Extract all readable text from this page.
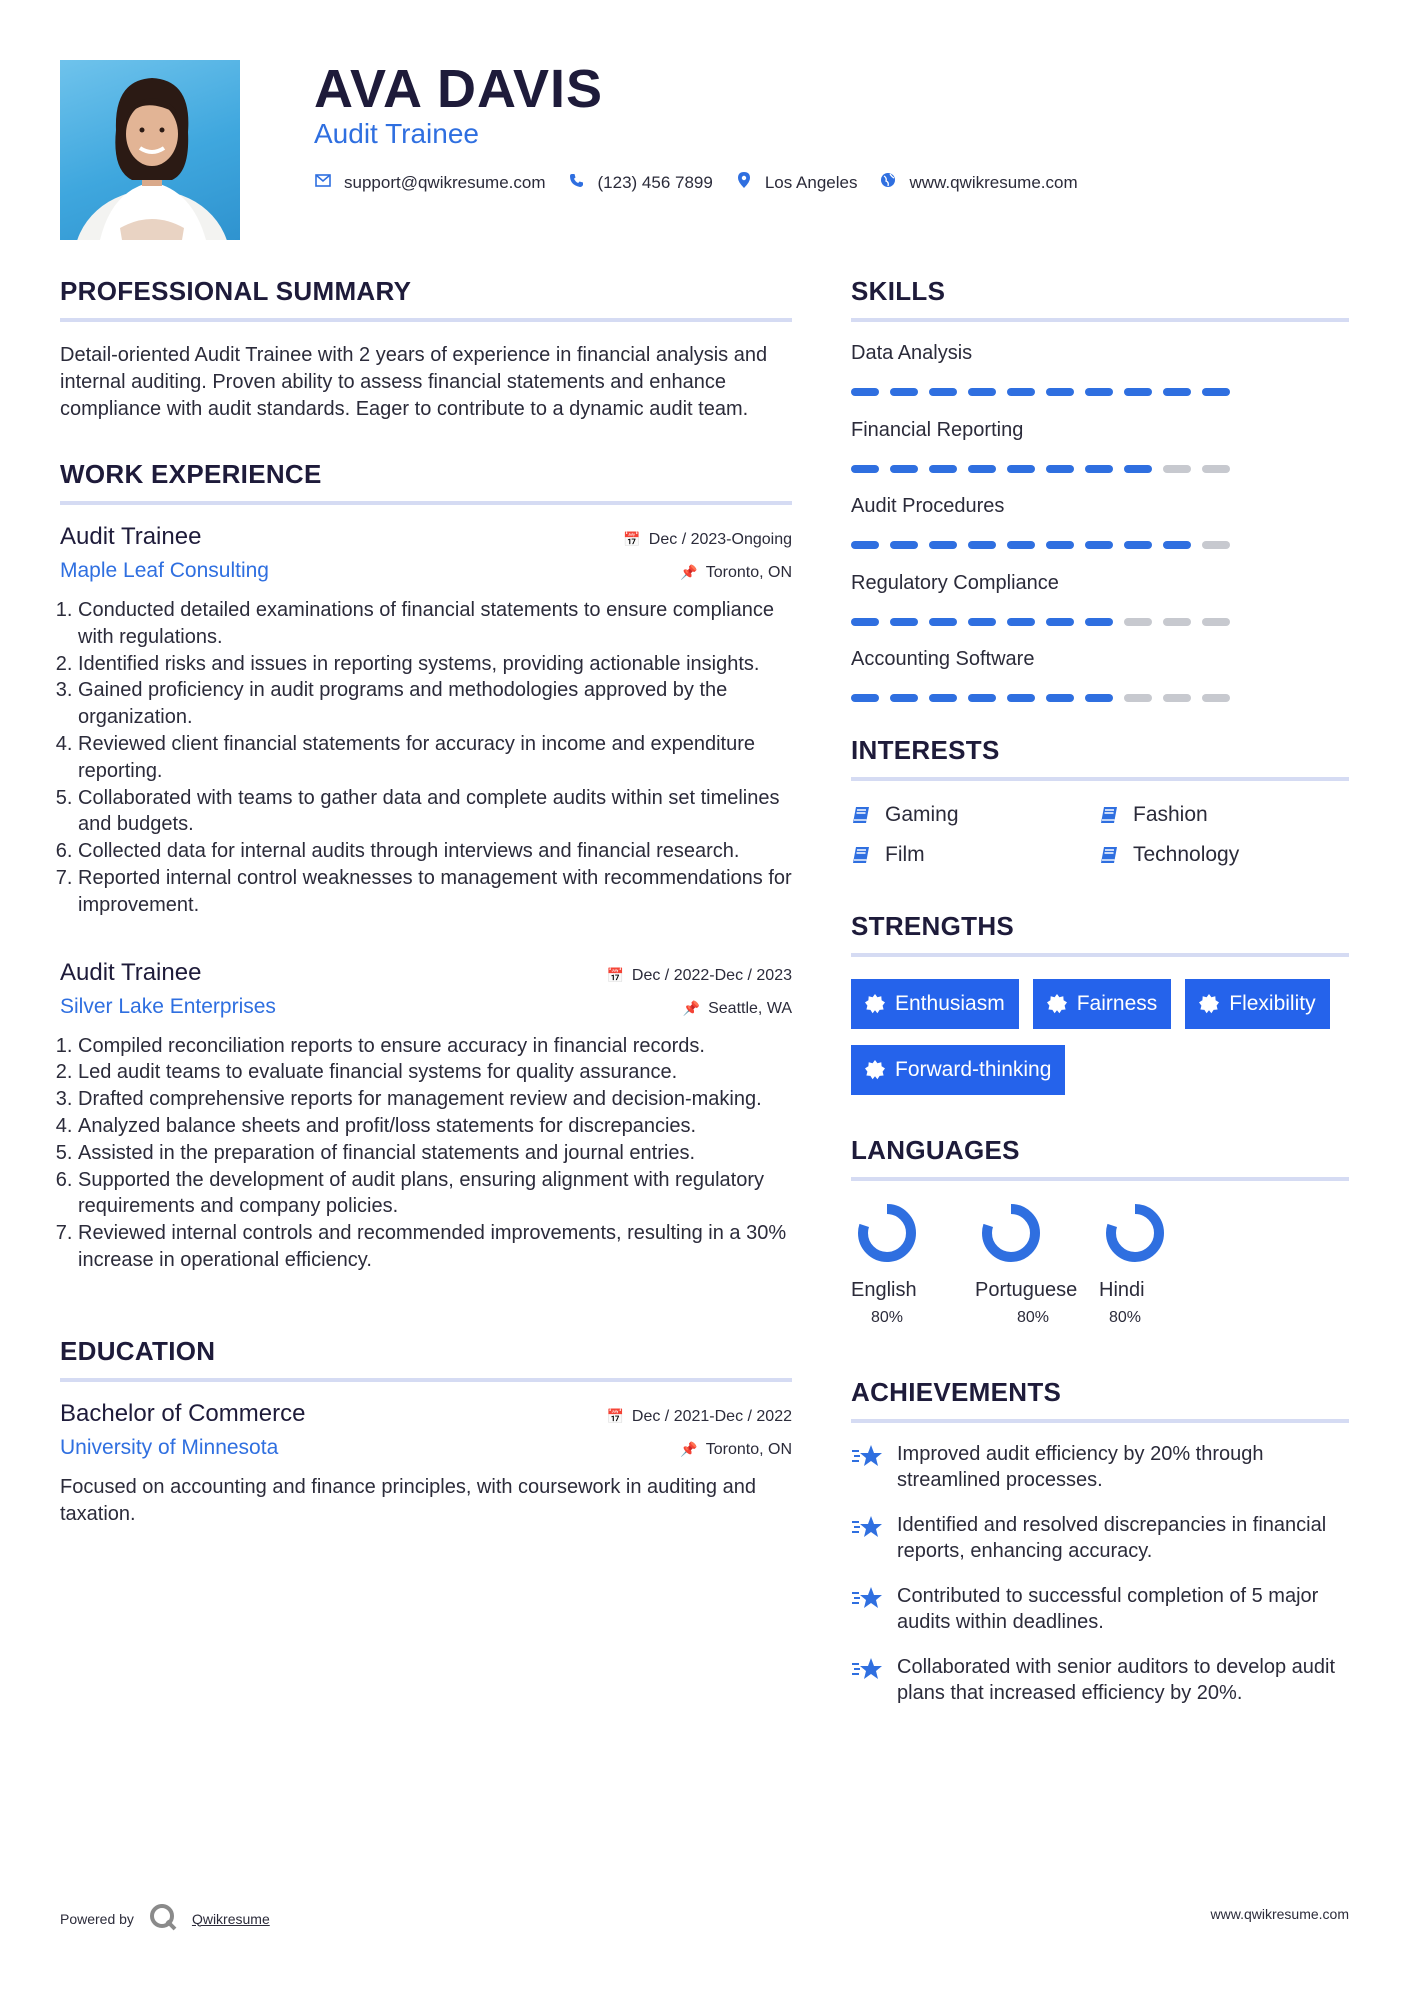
AVA DAVIS
Audit Trainee
support@qwikresume.com	(123) 456 7899	Los Angeles	www.qwikresume.com
PROFESSIONAL SUMMARY
Detail-oriented Audit Trainee with 2 years of experience in financial analysis and internal auditing. Proven ability to assess financial statements and enhance compliance with audit standards. Eager to contribute to a dynamic audit team.
WORK EXPERIENCE
Audit Trainee	📅 Dec / 2023-Ongoing
Maple Leaf Consulting	📌 Toronto, ON
1. Conducted detailed examinations of financial statements to ensure compliance with regulations.
2. Identified risks and issues in reporting systems, providing actionable insights.
3. Gained proficiency in audit programs and methodologies approved by the organization.
4. Reviewed client financial statements for accuracy in income and expenditure reporting.
5. Collaborated with teams to gather data and complete audits within set timelines and budgets.
6. Collected data for internal audits through interviews and financial research.
7. Reported internal control weaknesses to management with recommendations for improvement.
Audit Trainee	📅 Dec / 2022-Dec / 2023
Silver Lake Enterprises	📌 Seattle, WA
1. Compiled reconciliation reports to ensure accuracy in financial records.
2. Led audit teams to evaluate financial systems for quality assurance.
3. Drafted comprehensive reports for management review and decision-making.
4. Analyzed balance sheets and profit/loss statements for discrepancies.
5. Assisted in the preparation of financial statements and journal entries.
6. Supported the development of audit plans, ensuring alignment with regulatory requirements and company policies.
7. Reviewed internal controls and recommended improvements, resulting in a 30% increase in operational efficiency.
EDUCATION
Bachelor of Commerce	📅 Dec / 2021-Dec / 2022
University of Minnesota	📌 Toronto, ON
Focused on accounting and finance principles, with coursework in auditing and taxation.
SKILLS
Data Analysis
Financial Reporting
Audit Procedures
Regulatory Compliance
Accounting Software
INTERESTS
Gaming	Fashion
Film	Technology
STRENGTHS
Enthusiasm	Fairness	Flexibility
Forward-thinking
LANGUAGES
English
80%
Portuguese
80%
Hindi
80%
ACHIEVEMENTS
Improved audit efficiency by 20% through streamlined processes.
Identified and resolved discrepancies in financial reports, enhancing accuracy.
Contributed to successful completion of 5 major audits within deadlines.
Collaborated with senior auditors to develop audit plans that increased efficiency by 20%.
Powered by	Qwikresume	www.qwikresume.com
